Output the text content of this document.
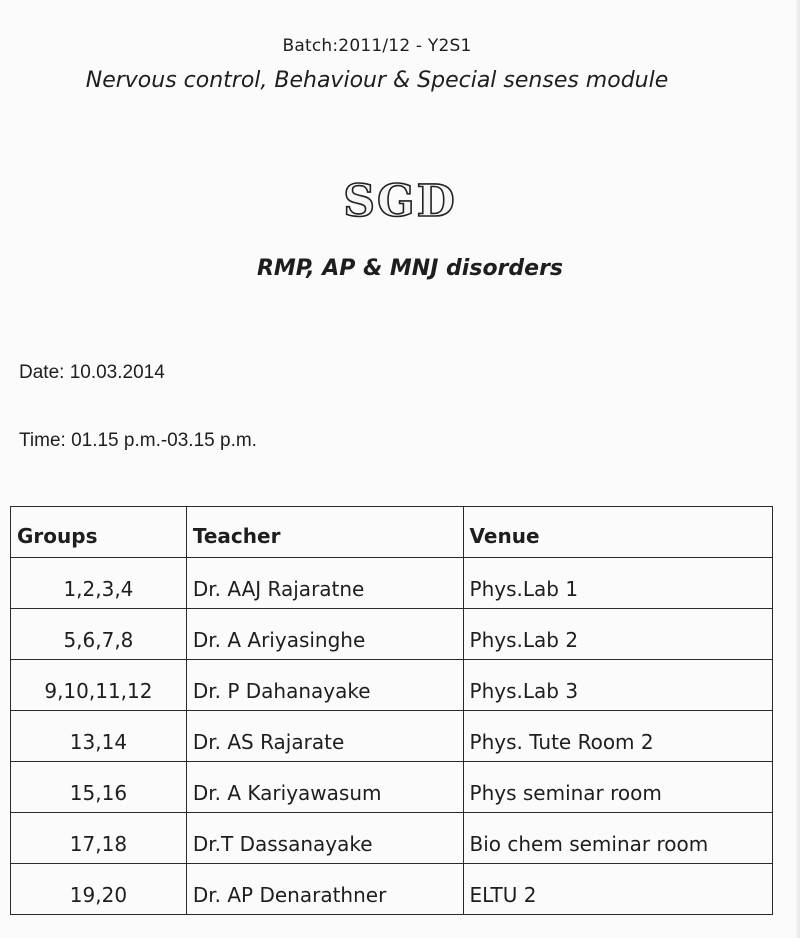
Batch:2011/12 - Y2S1
Nervous control, Behaviour & Special senses module
SGD
RMP, AP & MNJ disorders
Date: 10.03.2014
Time: 01.15 p.m.-03.15 p.m.
Groups	Teacher	Venue
1,2,3,4	Dr. AAJ Rajaratne	Phys.Lab 1
5,6,7,8	Dr. A Ariyasinghe	Phys.Lab 2
9,10,11,12	Dr. P Dahanayake	Phys.Lab 3
13,14	Dr. AS Rajarate	Phys. Tute Room 2
15,16	Dr. A Kariyawasum	Phys seminar room
17,18	Dr.T Dassanayake	Bio chem seminar room
19,20	Dr. AP Denarathner	ELTU 2
